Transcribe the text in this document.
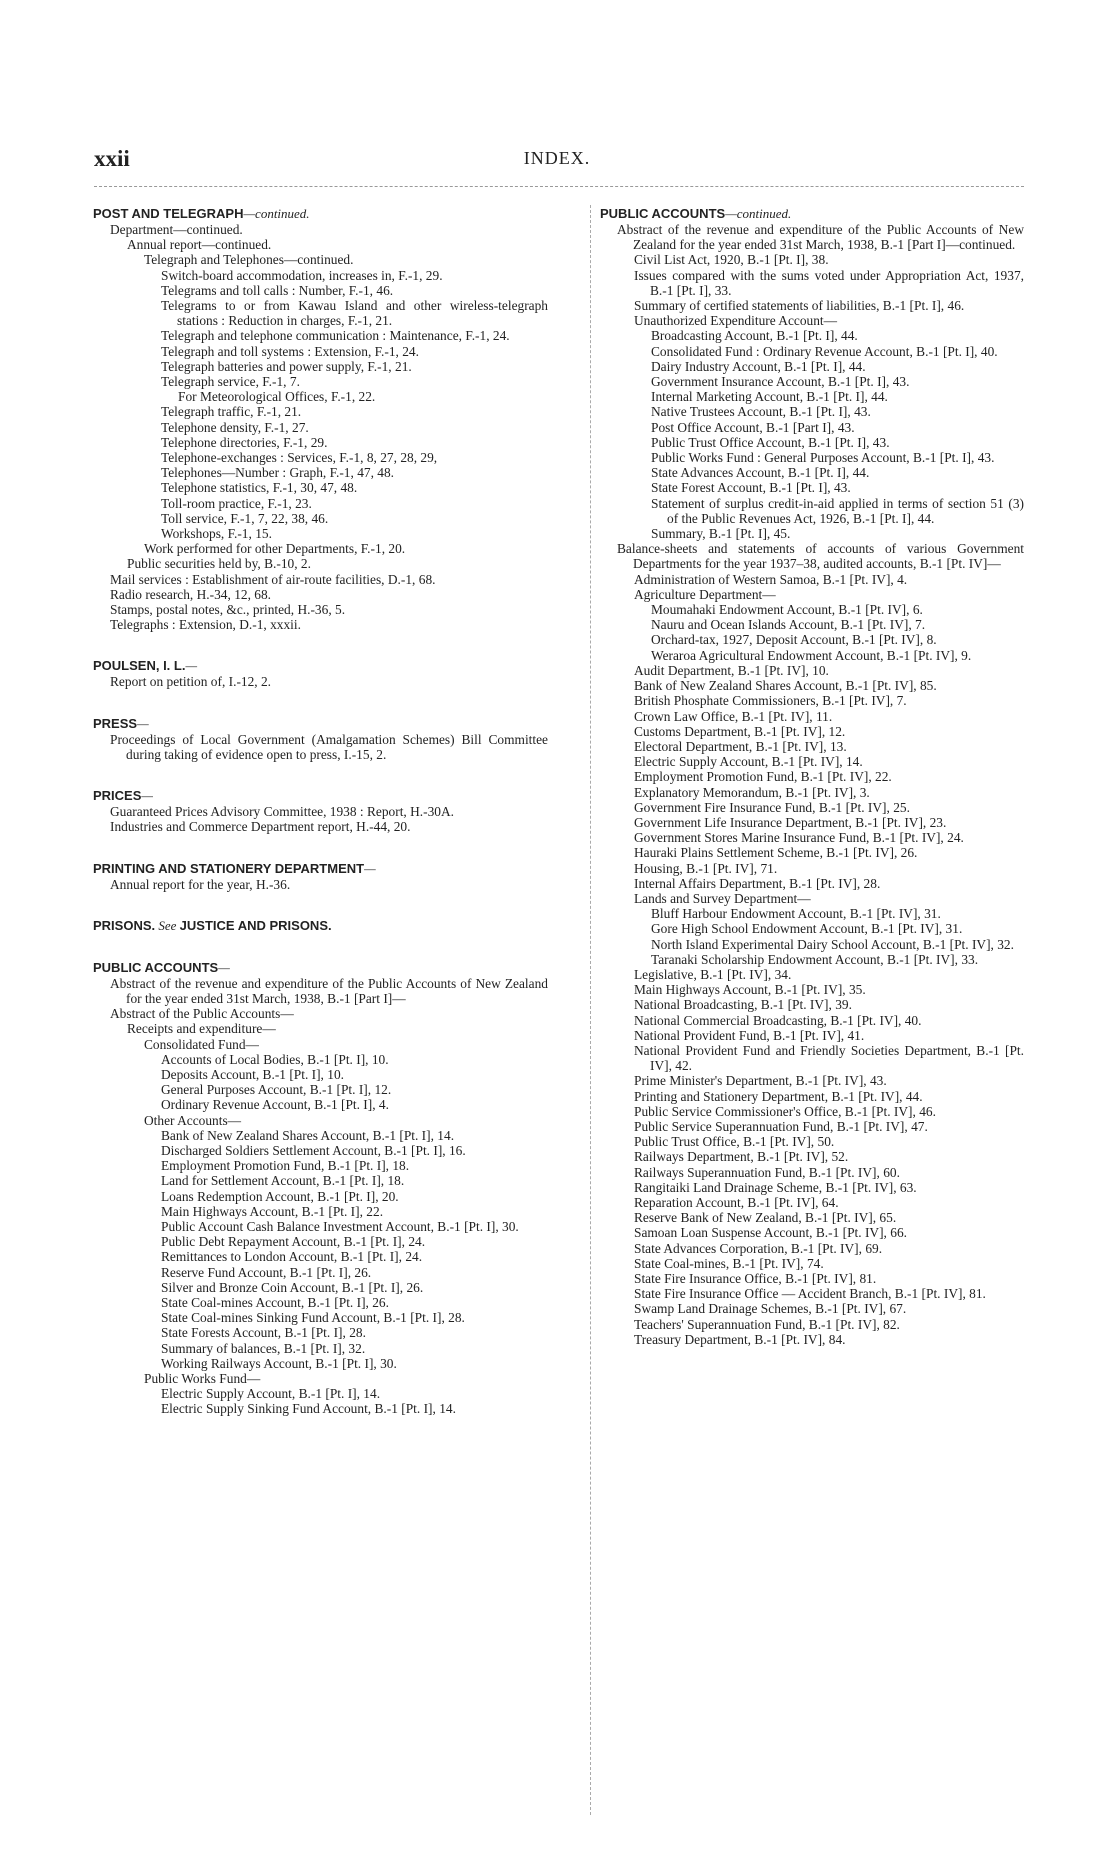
xxii	INDEX.
POST AND TELEGRAPH—continued.
Department—continued.
Annual report—continued.
Telegraph and Telephones—continued.
Switch-board accommodation, increases in, F.-1, 29.
Telegrams and toll calls : Number, F.-1, 46.
Telegrams to or from Kawau Island and other wireless-telegraph stations : Reduction in charges, F.-1, 21.
Telegraph and telephone communication : Maintenance, F.-1, 24.
Telegraph and toll systems : Extension, F.-1, 24.
Telegraph batteries and power supply, F.-1, 21.
Telegraph service, F.-1, 7.
For Meteorological Offices, F.-1, 22.
Telegraph traffic, F.-1, 21.
Telephone density, F.-1, 27.
Telephone directories, F.-1, 29.
Telephone-exchanges : Services, F.-1, 8, 27, 28, 29,
Telephones—Number : Graph, F.-1, 47, 48.
Telephone statistics, F.-1, 30, 47, 48.
Toll-room practice, F.-1, 23.
Toll service, F.-1, 7, 22, 38, 46.
Workshops, F.-1, 15.
Work performed for other Departments, F.-1, 20.
Public securities held by, B.-10, 2.
Mail services : Establishment of air-route facilities, D.-1, 68.
Radio research, H.-34, 12, 68.
Stamps, postal notes, &c., printed, H.-36, 5.
Telegraphs : Extension, D.-1, xxxii.
POULSEN, I. L.—
Report on petition of, I.-12, 2.
PRESS—
Proceedings of Local Government (Amalgamation Schemes) Bill Committee during taking of evidence open to press, I.-15, 2.
PRICES—
Guaranteed Prices Advisory Committee, 1938 : Report, H.-30A.
Industries and Commerce Department report, H.-44, 20.
PRINTING AND STATIONERY DEPARTMENT—
Annual report for the year, H.-36.
PRISONS. See JUSTICE AND PRISONS.
PUBLIC ACCOUNTS—
Abstract of the revenue and expenditure of the Public Accounts of New Zealand for the year ended 31st March, 1938, B.-1 [Part I]—
Abstract of the Public Accounts—
Receipts and expenditure—
Consolidated Fund—
Accounts of Local Bodies, B.-1 [Pt. I], 10.
Deposits Account, B.-1 [Pt. I], 10.
General Purposes Account, B.-1 [Pt. I], 12.
Ordinary Revenue Account, B.-1 [Pt. I], 4.
Other Accounts—
Bank of New Zealand Shares Account, B.-1 [Pt. I], 14.
Discharged Soldiers Settlement Account, B.-1 [Pt. I], 16.
Employment Promotion Fund, B.-1 [Pt. I], 18.
Land for Settlement Account, B.-1 [Pt. I], 18.
Loans Redemption Account, B.-1 [Pt. I], 20.
Main Highways Account, B.-1 [Pt. I], 22.
Public Account Cash Balance Investment Account, B.-1 [Pt. I], 30.
Public Debt Repayment Account, B.-1 [Pt. I], 24.
Remittances to London Account, B.-1 [Pt. I], 24.
Reserve Fund Account, B.-1 [Pt. I], 26.
Silver and Bronze Coin Account, B.-1 [Pt. I], 26.
State Coal-mines Account, B.-1 [Pt. I], 26.
State Coal-mines Sinking Fund Account, B.-1 [Pt. I], 28.
State Forests Account, B.-1 [Pt. I], 28.
Summary of balances, B.-1 [Pt. I], 32.
Working Railways Account, B.-1 [Pt. I], 30.
Public Works Fund—
Electric Supply Account, B.-1 [Pt. I], 14.
Electric Supply Sinking Fund Account, B.-1 [Pt. I], 14.
PUBLIC ACCOUNTS—continued.
Abstract of the revenue and expenditure of the Public Accounts of New Zealand for the year ended 31st March, 1938, B.-1 [Part I]—continued.
Civil List Act, 1920, B.-1 [Pt. I], 38.
Issues compared with the sums voted under Appropriation Act, 1937, B.-1 [Pt. I], 33.
Summary of certified statements of liabilities, B.-1 [Pt. I], 46.
Unauthorized Expenditure Account—
Broadcasting Account, B.-1 [Pt. I], 44.
Consolidated Fund : Ordinary Revenue Account, B.-1 [Pt. I], 40.
Dairy Industry Account, B.-1 [Pt. I], 44.
Government Insurance Account, B.-1 [Pt. I], 43.
Internal Marketing Account, B.-1 [Pt. I], 44.
Native Trustees Account, B.-1 [Pt. I], 43.
Post Office Account, B.-1 [Part I], 43.
Public Trust Office Account, B.-1 [Pt. I], 43.
Public Works Fund : General Purposes Account, B.-1 [Pt. I], 43.
State Advances Account, B.-1 [Pt. I], 44.
State Forest Account, B.-1 [Pt. I], 43.
Statement of surplus credit-in-aid applied in terms of section 51 (3) of the Public Revenues Act, 1926, B.-1 [Pt. I], 44.
Summary, B.-1 [Pt. I], 45.
Balance-sheets and statements of accounts of various Government Departments for the year 1937–38, audited accounts, B.-1 [Pt. IV]—
Administration of Western Samoa, B.-1 [Pt. IV], 4.
Agriculture Department—
Moumahaki Endowment Account, B.-1 [Pt. IV], 6.
Nauru and Ocean Islands Account, B.-1 [Pt. IV], 7.
Orchard-tax, 1927, Deposit Account, B.-1 [Pt. IV], 8.
Weraroa Agricultural Endowment Account, B.-1 [Pt. IV], 9.
Audit Department, B.-1 [Pt. IV], 10.
Bank of New Zealand Shares Account, B.-1 [Pt. IV], 85.
British Phosphate Commissioners, B.-1 [Pt. IV], 7.
Crown Law Office, B.-1 [Pt. IV], 11.
Customs Department, B.-1 [Pt. IV], 12.
Electoral Department, B.-1 [Pt. IV], 13.
Electric Supply Account, B.-1 [Pt. IV], 14.
Employment Promotion Fund, B.-1 [Pt. IV], 22.
Explanatory Memorandum, B.-1 [Pt. IV], 3.
Government Fire Insurance Fund, B.-1 [Pt. IV], 25.
Government Life Insurance Department, B.-1 [Pt. IV], 23.
Government Stores Marine Insurance Fund, B.-1 [Pt. IV], 24.
Hauraki Plains Settlement Scheme, B.-1 [Pt. IV], 26.
Housing, B.-1 [Pt. IV], 71.
Internal Affairs Department, B.-1 [Pt. IV], 28.
Lands and Survey Department—
Bluff Harbour Endowment Account, B.-1 [Pt. IV], 31.
Gore High School Endowment Account, B.-1 [Pt. IV], 31.
North Island Experimental Dairy School Account, B.-1 [Pt. IV], 32.
Taranaki Scholarship Endowment Account, B.-1 [Pt. IV], 33.
Legislative, B.-1 [Pt. IV], 34.
Main Highways Account, B.-1 [Pt. IV], 35.
National Broadcasting, B.-1 [Pt. IV], 39.
National Commercial Broadcasting, B.-1 [Pt. IV], 40.
National Provident Fund, B.-1 [Pt. IV], 41.
National Provident Fund and Friendly Societies Department, B.-1 [Pt. IV], 42.
Prime Minister's Department, B.-1 [Pt. IV], 43.
Printing and Stationery Department, B.-1 [Pt. IV], 44.
Public Service Commissioner's Office, B.-1 [Pt. IV], 46.
Public Service Superannuation Fund, B.-1 [Pt. IV], 47.
Public Trust Office, B.-1 [Pt. IV], 50.
Railways Department, B.-1 [Pt. IV], 52.
Railways Superannuation Fund, B.-1 [Pt. IV], 60.
Rangitaiki Land Drainage Scheme, B.-1 [Pt. IV], 63.
Reparation Account, B.-1 [Pt. IV], 64.
Reserve Bank of New Zealand, B.-1 [Pt. IV], 65.
Samoan Loan Suspense Account, B.-1 [Pt. IV], 66.
State Advances Corporation, B.-1 [Pt. IV], 69.
State Coal-mines, B.-1 [Pt. IV], 74.
State Fire Insurance Office, B.-1 [Pt. IV], 81.
State Fire Insurance Office — Accident Branch, B.-1 [Pt. IV], 81.
Swamp Land Drainage Schemes, B.-1 [Pt. IV], 67.
Teachers' Superannuation Fund, B.-1 [Pt. IV], 82.
Treasury Department, B.-1 [Pt. IV], 84.
